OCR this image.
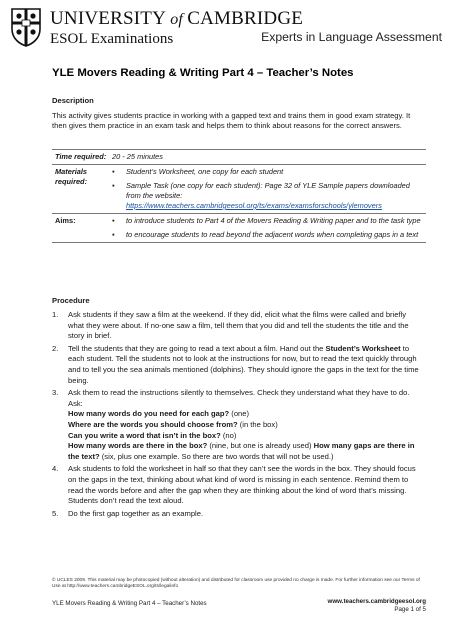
UNIVERSITY of CAMBRIDGE
ESOL Examinations	Experts in Language Assessment
YLE Movers Reading & Writing Part 4 – Teacher’s Notes
Description
This activity gives students practice in working with a gapped text and trains them in good exam strategy. It then gives them practice in an exam task and helps them to think about reasons for the correct answers.
Time required:	20 - 25 minutes
Materials required:	▪ Student’s Worksheet, one copy for each student
▪ Sample Task (one copy for each student): Page 32 of YLE Sample papers downloaded from the website:
https://www.teachers.cambridgeesol.org/ts/exams/examsforschools/ylemovers

Aims:	▪ to introduce students to Part 4 of the Movers Reading & Writing paper and to the task type
▪ to encourage students to read beyond the adjacent words when completing gaps in a text
Procedure
1.	Ask students if they saw a film at the weekend. If they did, elicit what the films were called and briefly what they were about. If no-one saw a film, tell them that you did and tell the students the title and the story in brief.

2.	Tell the students that they are going to read a text about a film. Hand out the Student’s Worksheet to each student. Tell the students not to look at the instructions for now, but to read the text quickly through and to tell you the sea animals mentioned (dolphins). They should ignore the gaps in the text for the time being.

3.	Ask them to read the instructions silently to themselves. Check they understand what they have to do. Ask:

How many words do you need for each gap? (one)

Where are the words you should choose from? (in the box)

Can you write a word that isn’t in the box? (no)

How many words are there in the box? (nine, but one is already used) How many gaps are there in the text? (six, plus one example. So there are two words that will not be used.)

4.	Ask students to fold the worksheet in half so that they can’t see the words in the box. They should focus on the gaps in the text, thinking about what kind of word is missing in each sentence. Remind them to read the words before and after the gap when they are thinking about the kind of word that’s missing. Students don’t read the text aloud.

5.	Do the first gap together as an example.

© UCLES 2009. This material may be photocopied (without alteration) and distributed for classroom use provided no charge is made. For further information see our Terms of Use at http://www.teachers.cambridgeESOL.org/ts/legalinfo
YLE Movers Reading & Writing Part 4 – Teacher’s Notes	www.teachers.cambridgeesol.org
Page 1 of 5
